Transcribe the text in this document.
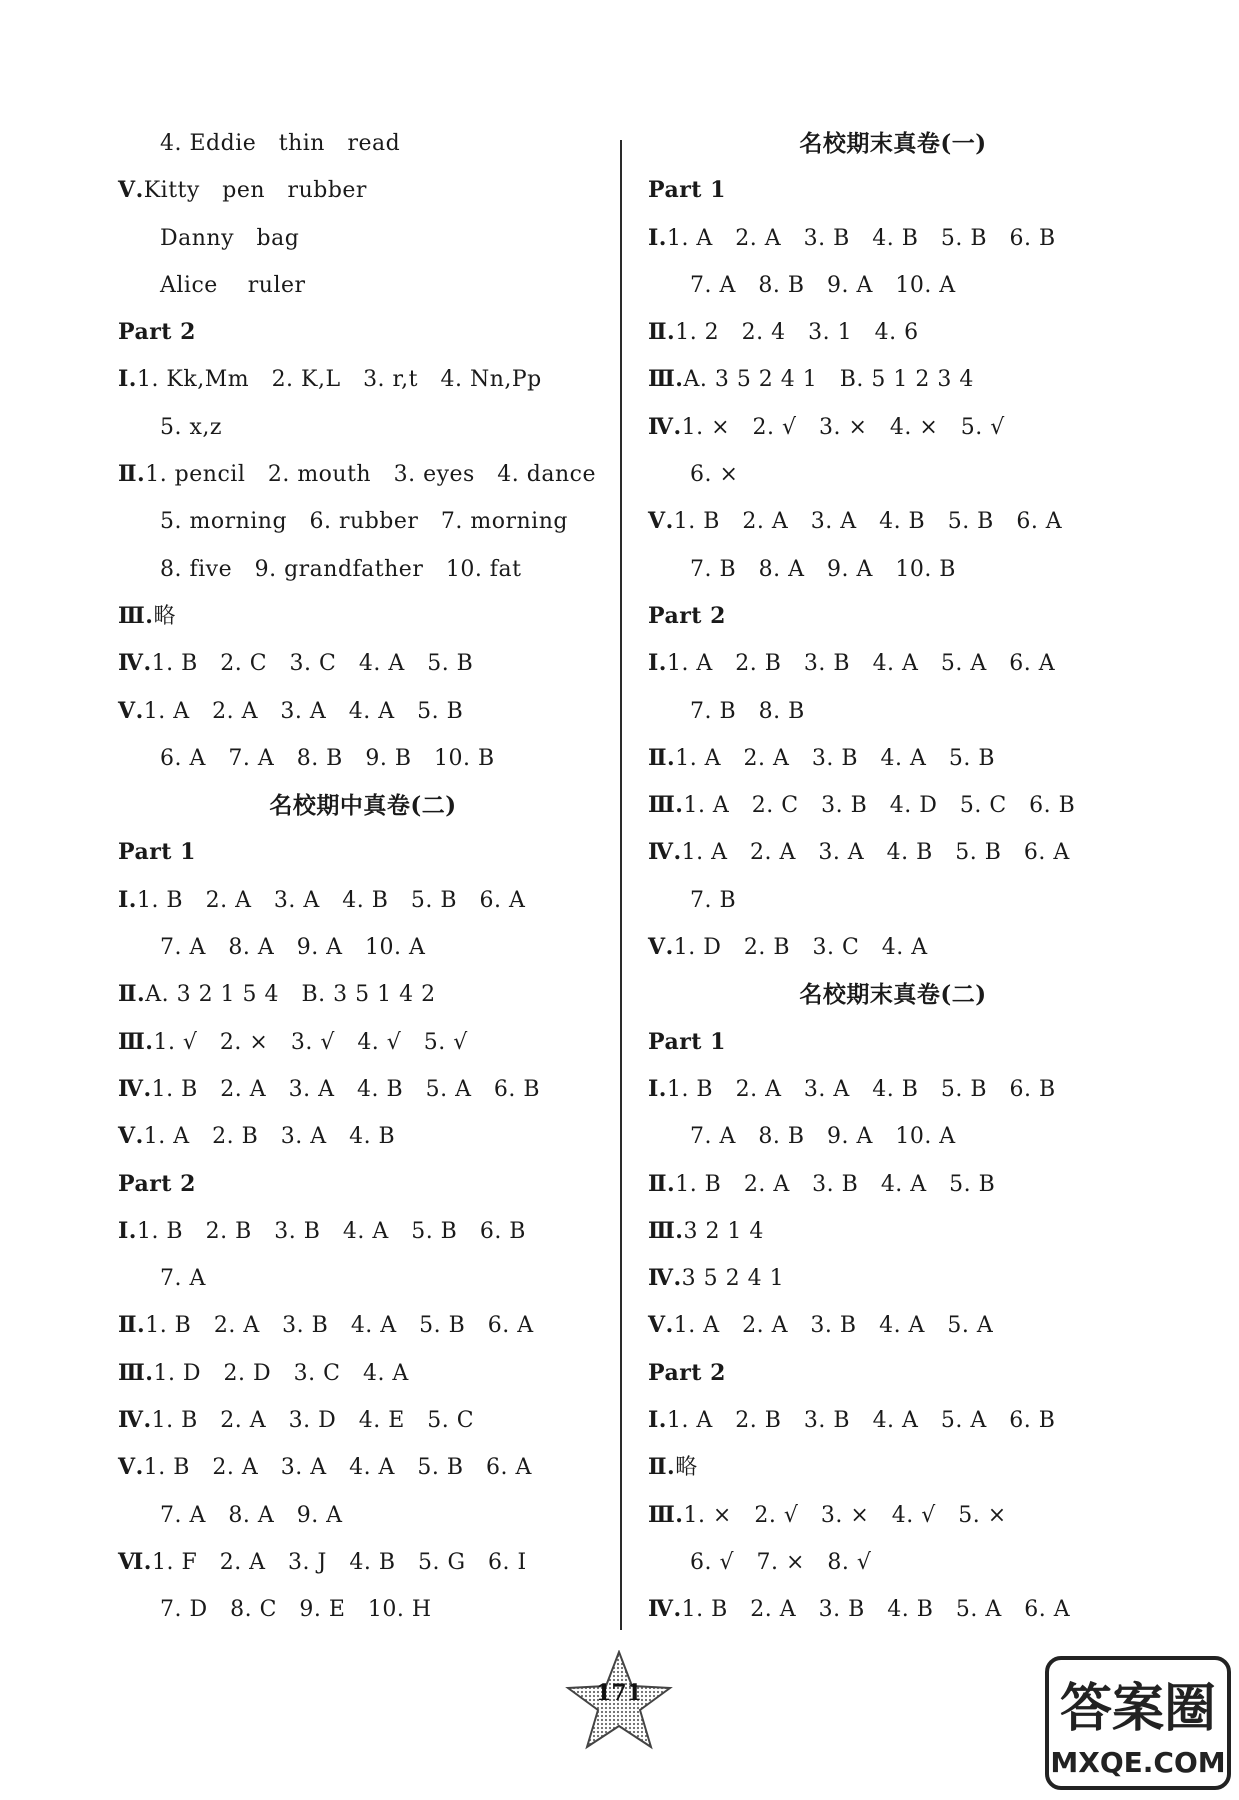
4. Eddie   thin   read
Ⅴ.Kitty   pen   rubber
Danny   bag
Alice    ruler
Part 2
Ⅰ.1. Kk,Mm   2. K,L   3. r,t   4. Nn,Pp
5. x,z
Ⅱ.1. pencil   2. mouth   3. eyes   4. dance
5. morning   6. rubber   7. morning
8. five   9. grandfather   10. fat
Ⅲ.略
Ⅳ.1. B   2. C   3. C   4. A   5. B
Ⅴ.1. A   2. A   3. A   4. A   5. B
6. A   7. A   8. B   9. B   10. B
名校期中真卷(二)
Part 1
Ⅰ.1. B   2. A   3. A   4. B   5. B   6. A
7. A   8. A   9. A   10. A
Ⅱ.A. 3 2 1 5 4   B. 3 5 1 4 2
Ⅲ.1. √   2. ×   3. √   4. √   5. √
Ⅳ.1. B   2. A   3. A   4. B   5. A   6. B
Ⅴ.1. A   2. B   3. A   4. B
Part 2
Ⅰ.1. B   2. B   3. B   4. A   5. B   6. B
7. A
Ⅱ.1. B   2. A   3. B   4. A   5. B   6. A
Ⅲ.1. D   2. D   3. C   4. A
Ⅳ.1. B   2. A   3. D   4. E   5. C
Ⅴ.1. B   2. A   3. A   4. A   5. B   6. A
7. A   8. A   9. A
Ⅵ.1. F   2. A   3. J   4. B   5. G   6. I
7. D   8. C   9. E   10. H
名校期末真卷(一)
Part 1
Ⅰ.1. A   2. A   3. B   4. B   5. B   6. B
7. A   8. B   9. A   10. A
Ⅱ.1. 2   2. 4   3. 1   4. 6
Ⅲ.A. 3 5 2 4 1   B. 5 1 2 3 4
Ⅳ.1. ×   2. √   3. ×   4. ×   5. √
6. ×
Ⅴ.1. B   2. A   3. A   4. B   5. B   6. A
7. B   8. A   9. A   10. B
Part 2
Ⅰ.1. A   2. B   3. B   4. A   5. A   6. A
7. B   8. B
Ⅱ.1. A   2. A   3. B   4. A   5. B
Ⅲ.1. A   2. C   3. B   4. D   5. C   6. B
Ⅳ.1. A   2. A   3. A   4. B   5. B   6. A
7. B
Ⅴ.1. D   2. B   3. C   4. A
名校期末真卷(二)
Part 1
Ⅰ.1. B   2. A   3. A   4. B   5. B   6. B
7. A   8. B   9. A   10. A
Ⅱ.1. B   2. A   3. B   4. A   5. B
Ⅲ.3 2 1 4
Ⅳ.3 5 2 4 1
Ⅴ.1. A   2. A   3. B   4. A   5. A
Part 2
Ⅰ.1. A   2. B   3. B   4. A   5. A   6. B
Ⅱ.略
Ⅲ.1. ×   2. √   3. ×   4. √   5. ×
6. √   7. ×   8. √
Ⅳ.1. B   2. A   3. B   4. B   5. A   6. A
171	答案圈
MXQE.COM
